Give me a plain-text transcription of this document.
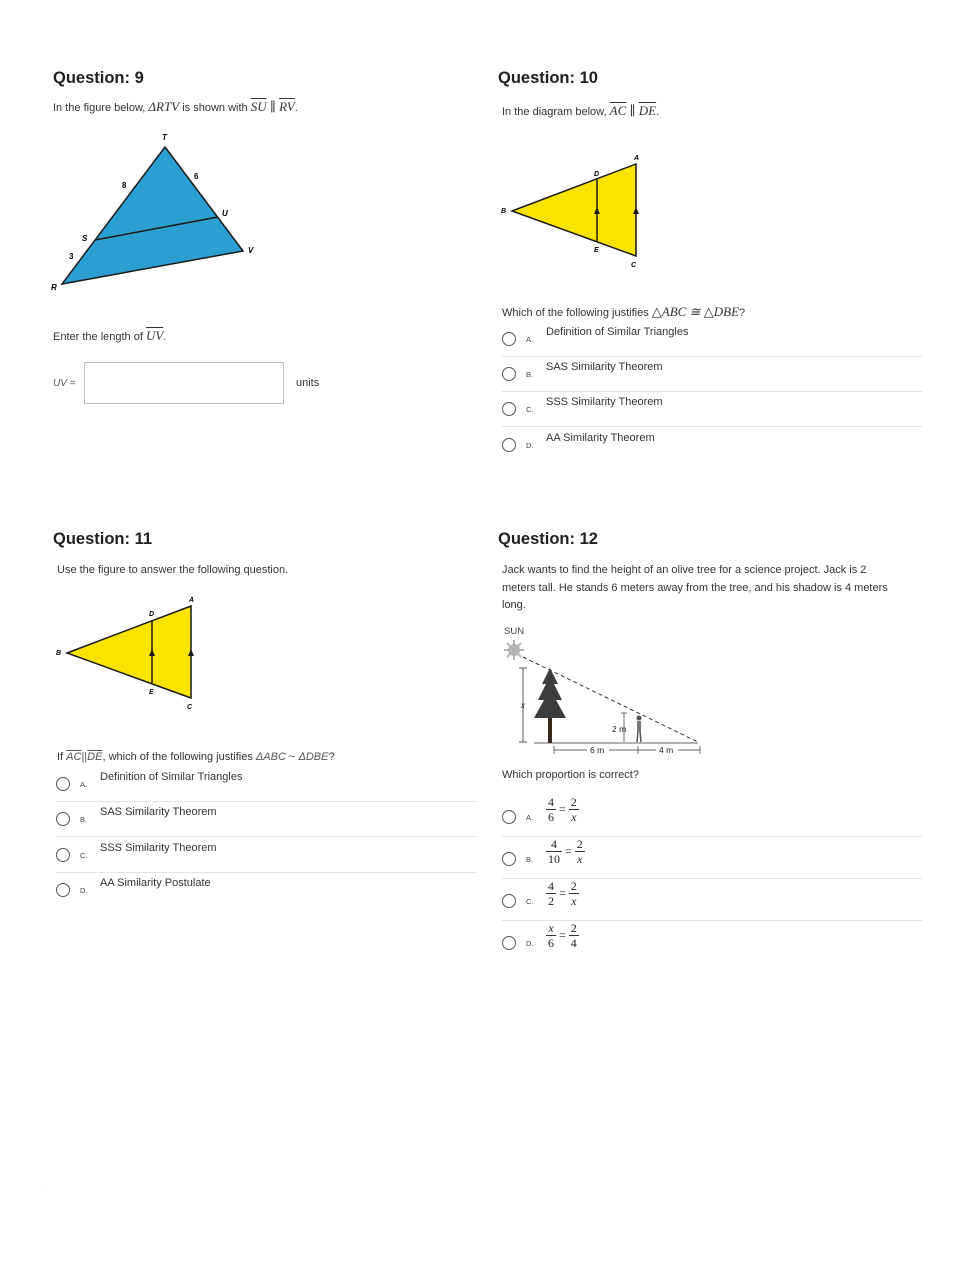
Question: 9
In the figure below, ΔRTV is shown with $\overline{SU}$ ∥ $\overline{RV}$.
T
8
6
U
S
3
V
R
Enter the length of $\overline{UV}$.
UV =	units
Question: 10
In the diagram below, $\overline{AC}$ ∥ $\overline{DE}$.
A
D
B
E
C
Which of the following justifies △ABC ≅ △DBE?
A.
Definition of Similar Triangles
B.
SAS Similarity Theorem
C.
SSS Similarity Theorem
D.
AA Similarity Theorem
Question: 11
Use the figure to answer the following question.
A
D
B
E
C
If $\overline{AC}||\overline{DE}$, which of the following justifies ΔABC ~ ΔDBE?
A.
Definition of Similar Triangles
B.
SAS Similarity Theorem
C.
SSS Similarity Theorem
D.
AA Similarity Postulate
Question: 12
Jack wants to find the height of an olive tree for a science project. Jack is 2
meters tall. He stands 6 meters away from the tree, and his shadow is 4 meters
long.
SUN
x
2 m
6 m	4 m
Which proportion is correct?
A. $\frac{4}{6} = \frac{2}{x}$
B. $\frac{4}{10} = \frac{2}{x}$
C. $\frac{4}{2} = \frac{2}{x}$
D. $\frac{x}{6} = \frac{2}{4}$
·
